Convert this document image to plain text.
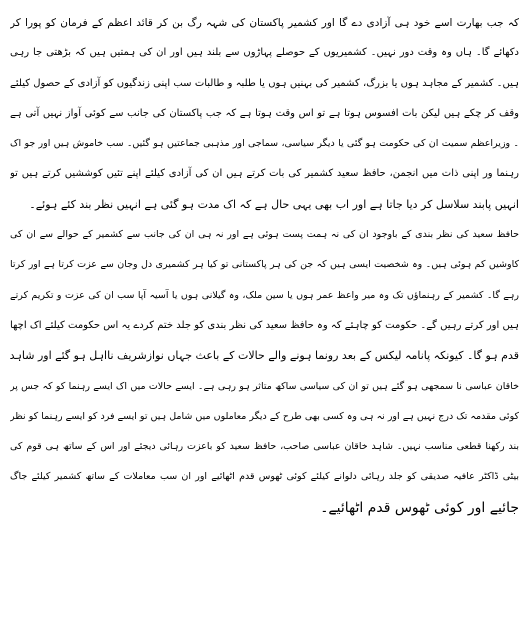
کہ جب بھارت اسے خود ہی آزادی دے گا اور کشمیر پاکستان کی شہہ رگ بن کر قائد اعظم کے فرمان کو پورا کر
دکھائے گا۔ ہاں وہ وقت دور نہیں۔ کشمیریوں کے حوصلے پہاڑوں سے بلند ہیں اور ان کی ہمتیں ہیں کہ بڑھتی جا رہی
ہیں۔ کشمیر کے مجاہد ہوں یا بزرگ، کشمیر کی بہنیں ہوں یا طلبہ و طالبات سب اپنی زندگیوں کو آزادی کے حصول کیلئے
وقف کر چکے ہیں لیکن بات افسوس ہوتا ہے تو اس وقت ہوتا ہے کہ جب پاکستان کی جانب سے کوئی آواز نہیں آتی ہے
۔ وزیراعظم سمیت ان کی حکومت ہو گئی یا دیگر سیاسی، سماجی اور مذہبی جماعتیں ہو گئیں۔ سب خاموش ہیں اور جو اک
رہنما ور اپنی ذات میں انجمن، حافظ سعید کشمیر کی بات کرتے ہیں ان کی آزادی کیلئے اپنے تئیں کوششیں کرتے ہیں تو
انہیں پابند سلاسل کر دیا جاتا ہے اور اب بھی یہی حال ہے کہ اک مدت ہو گئی ہے انہیں نظر بند کئے ہوئے۔
حافظ سعید کی نظر بندی کے باوجود ان کی نہ ہمت پست ہوئی ہے اور نہ ہی ان کی جانب سے کشمیر کے حوالے سے ان کی
کاوشیں کم ہوئی ہیں۔ وہ شخصیت ایسی ہیں کہ جن کی ہر پاکستانی تو کیا ہر کشمیری دل وجان سے عزت کرتا ہے اور کرتا
رہے گا۔ کشمیر کے رہنماؤں تک وہ میر واعظ عمر ہوں یا سین ملک، وہ گیلانی ہوں یا آسیہ آپا سب ان کی عزت و تکریم کرتے
ہیں اور کرتے رہیں گے۔ حکومت کو چاہئے کہ وہ حافظ سعید کی نظر بندی کو جلد ختم کردے یہ اس حکومت کیلئے اک اچھا
قدم ہو گا۔ کیونکہ پانامہ لیکس کے بعد رونما ہونے والے حالات کے باعث جہاں نوازشریف نااہل ہو گئے اور شاہد
خاقان عباسی نا سمجھی ہو گئے ہیں تو ان کی سیاسی ساکھ متاثر ہو رہی ہے۔ ایسے حالات میں اک ایسے رہنما کو کہ جس پر
کوئی مقدمہ تک درج نہیں ہے اور نہ ہی وہ کسی بھی طرح کے دیگر معاملوں میں شامل ہیں تو ایسے فرد کو ایسے رہنما کو نظر
بند رکھنا قطعی مناسب نہیں۔ شاہد خاقان عباسی صاحب، حافظ سعید کو باعزت رہائی دیجئے اور اس کے ساتھ ہی قوم کی
بیٹی ڈاکٹر عافیہ صدیقی کو جلد رہائی دلوانے کیلئے کوئی ٹھوس قدم اٹھائیے اور ان سب معاملات کے ساتھ کشمیر کیلئے جاگ
جائیے اور کوئی ٹھوس قدم اٹھائیے۔
